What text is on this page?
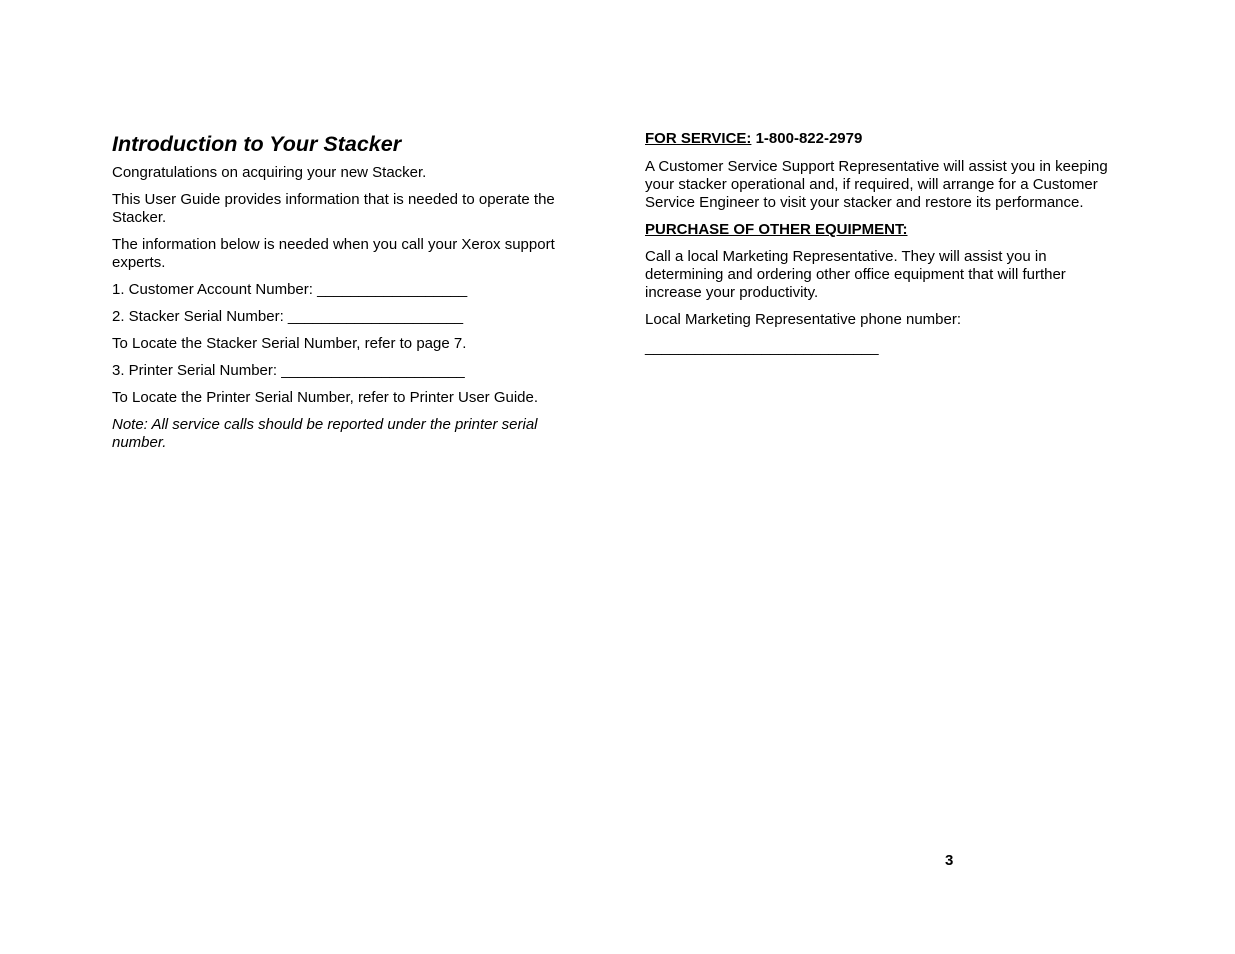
Introduction to Your Stacker

Congratulations on acquiring your new Stacker.

This User Guide provides information that is needed to operate the Stacker.

The information below is needed when you call your Xerox support experts.

1. Customer Account Number: __________________

2. Stacker Serial Number: _____________________

To Locate the Stacker Serial Number, refer to page 7.

3. Printer Serial Number: ______________________

To Locate the Printer Serial Number, refer to Printer User Guide.

Note: All service calls should be reported under the printer serial number.

FOR SERVICE: 1-800-822-2979

A Customer Service Support Representative will assist you in keeping your stacker operational and, if required, will arrange for a Customer Service Engineer to visit your stacker and restore its performance.

PURCHASE OF OTHER EQUIPMENT:

Call a local Marketing Representative. They will assist you in determining and ordering other office equipment that will further increase your productivity.

Local Marketing Representative phone number:

____________________________
3
